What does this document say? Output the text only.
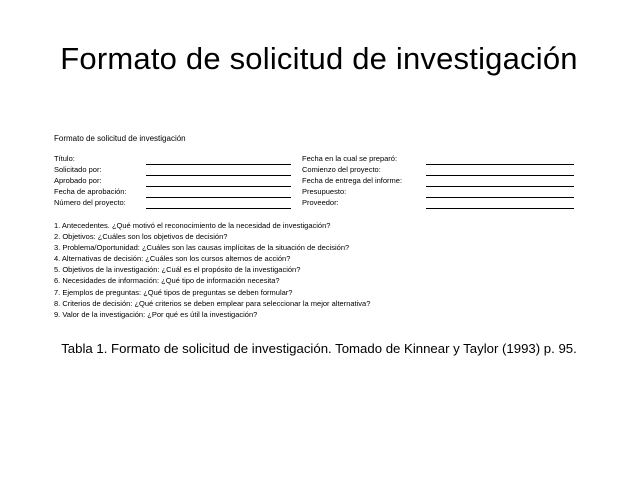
Formato de solicitud de investigación
Formato de solicitud de investigación
Título:
Solicitado por:
Aprobado por:
Fecha de aprobación:
Número del proyecto:
Fecha en la cual se preparó:
Comienzo del proyecto:
Fecha de entrega del informe:
Presupuesto:
Proveedor:
1. Antecedentes. ¿Qué motivó el reconocimiento de la necesidad de investigación?
2. Objetivos: ¿Cuáles son los objetivos de decisión?
3. Problema/Oportunidad: ¿Cuáles son las causas implícitas de la situación de decisión?
4. Alternativas de decisión: ¿Cuáles son los cursos alternos de acción?
5. Objetivos de la investigación: ¿Cuál es el propósito de la investigación?
6. Necesidades de información: ¿Qué tipo de información necesita?
7. Ejemplos de preguntas: ¿Qué tipos de preguntas se deben formular?
8. Criterios de decisión: ¿Qué criterios se deben emplear para seleccionar la mejor alternativa?
9. Valor de la investigación: ¿Por qué es útil la investigación?
Tabla 1. Formato de solicitud de investigación. Tomado de Kinnear y Taylor (1993) p. 95.
